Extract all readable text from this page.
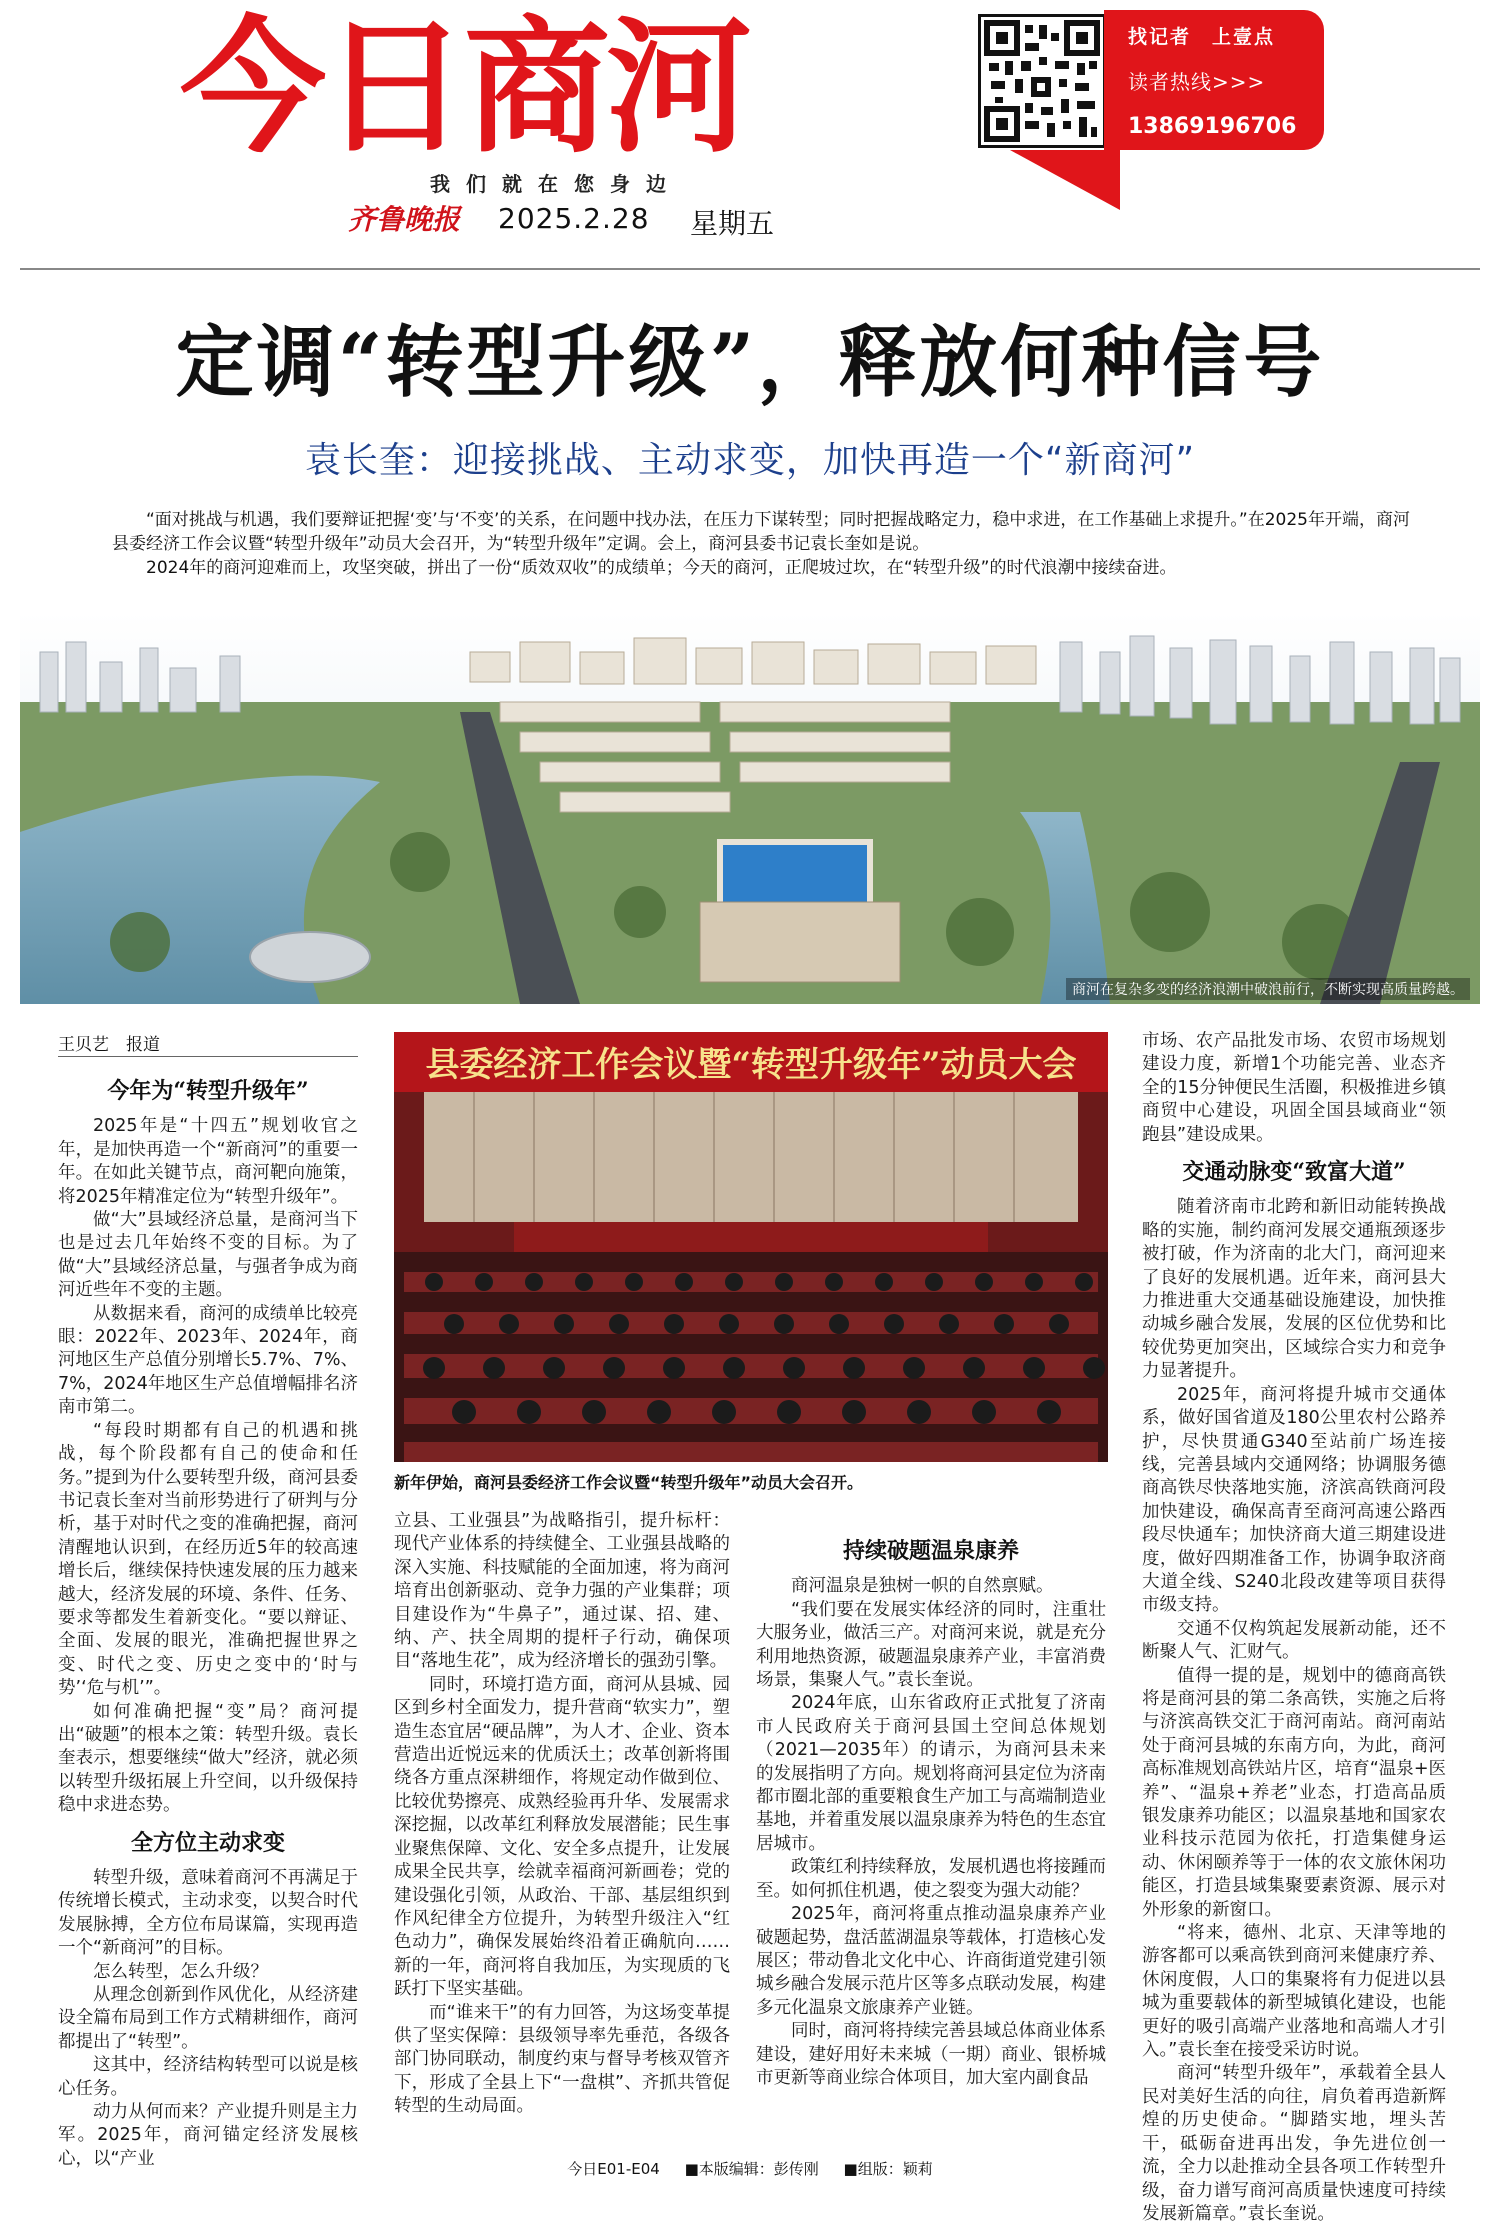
今日商河
我们就在您身边
齐鲁晚报 2025.2.28 星期五
找记者　上壹点
读者热线>>>
13869196706
定调“转型升级”，释放何种信号
袁长奎：迎接挑战、主动求变，加快再造一个“新商河”

“面对挑战与机遇，我们要辩证把握‘变’与‘不变’的关系，在问题中找办法，在压力下谋转型；同时把握战略定力，稳中求进，在工作基础上求提升。”在2025年开端，商河县委经济工作会议暨“转型升级年”动员大会召开，为“转型升级年”定调。会上，商河县委书记袁长奎如是说。

2024年的商河迎难而上，攻坚突破，拼出了一份“质效双收”的成绩单；今天的商河，正爬坡过坎，在“转型升级”的时代浪潮中接续奋进。

商河在复杂多变的经济浪潮中破浪前行，不断实现高质量跨越。
王贝艺　报道	县委经济工作会议暨“转型升级年”动员大会
新年伊始，商河县委经济工作会议暨“转型升级年”动员大会召开。
今年为“转型升级年”

2025年是“十四五”规划收官之年，是加快再造一个“新商河”的重要一年。在如此关键节点，商河靶向施策，将2025年精准定位为“转型升级年”。

做“大”县域经济总量，是商河当下也是过去几年始终不变的目标。为了做“大”县域经济总量，与强者争成为商河近些年不变的主题。

从数据来看，商河的成绩单比较亮眼：2022年、2023年、2024年，商河地区生产总值分别增长5.7%、7%、7%，2024年地区生产总值增幅排名济南市第二。

“每段时期都有自己的机遇和挑战，每个阶段都有自己的使命和任务。”提到为什么要转型升级，商河县委书记袁长奎对当前形势进行了研判与分析，基于对时代之变的准确把握，商河清醒地认识到，在经历近5年的较高速增长后，继续保持快速发展的压力越来越大，经济发展的环境、条件、任务、要求等都发生着新变化。“要以辩证、全面、发展的眼光，准确把握世界之变、时代之变、历史之变中的‘时与势’‘危与机’”。

如何准确把握“变”局？商河提出“破题”的根本之策：转型升级。袁长奎表示，想要继续“做大”经济，就必须以转型升级拓展上升空间，以升级保持稳中求进态势。

全方位主动求变

转型升级，意味着商河不再满足于传统增长模式，主动求变，以契合时代发展脉搏，全方位布局谋篇，实现再造一个“新商河”的目标。

怎么转型，怎么升级？

从理念创新到作风优化，从经济建设全篇布局到工作方式精耕细作，商河都提出了“转型”。

这其中，经济结构转型可以说是核心任务。

动力从何而来？产业提升则是主力军。2025年，商河锚定经济发展核心，以“产业

立县、工业强县”为战略指引，提升标杆：现代产业体系的持续健全、工业强县战略的深入实施、科技赋能的全面加速，将为商河培育出创新驱动、竞争力强的产业集群；项目建设作为“牛鼻子”，通过谋、招、建、纳、产、扶全周期的提杆子行动，确保项目“落地生花”，成为经济增长的强劲引擎。

同时，环境打造方面，商河从县城、园区到乡村全面发力，提升营商“软实力”，塑造生态宜居“硬品牌”，为人才、企业、资本营造出近悦远来的优质沃土；改革创新将围绕各方重点深耕细作，将规定动作做到位、比较优势擦亮、成熟经验再升华、发展需求深挖掘，以改革红利释放发展潜能；民生事业聚焦保障、文化、安全多点提升，让发展成果全民共享，绘就幸福商河新画卷；党的建设强化引领，从政治、干部、基层组织到作风纪律全方位提升，为转型升级注入“红色动力”，确保发展始终沿着正确航向……新的一年，商河将自我加压，为实现质的飞跃打下坚实基础。

而“谁来干”的有力回答，为这场变革提供了坚实保障：县级领导率先垂范，各级各部门协同联动，制度约束与督导考核双管齐下，形成了全县上下“一盘棋”、齐抓共管促转型的生动局面。

持续破题温泉康养

商河温泉是独树一帜的自然禀赋。

“我们要在发展实体经济的同时，注重壮大服务业，做活三产。对商河来说，就是充分利用地热资源，破题温泉康养产业，丰富消费场景，集聚人气。”袁长奎说。

2024年底，山东省政府正式批复了济南市人民政府关于商河县国土空间总体规划（2021—2035年）的请示，为商河县未来的发展指明了方向。规划将商河县定位为济南都市圈北部的重要粮食生产加工与高端制造业基地，并着重发展以温泉康养为特色的生态宜居城市。

政策红利持续释放，发展机遇也将接踵而至。如何抓住机遇，使之裂变为强大动能？

2025年，商河将重点推动温泉康养产业破题起势，盘活蓝湖温泉等载体，打造核心发展区；带动鲁北文化中心、许商街道党建引领城乡融合发展示范片区等多点联动发展，构建多元化温泉文旅康养产业链。

同时，商河将持续完善县域总体商业体系建设，建好用好未来城（一期）商业、银桥城市更新等商业综合体项目，加大室内副食品

市场、农产品批发市场、农贸市场规划建设力度，新增1个功能完善、业态齐全的15分钟便民生活圈，积极推进乡镇商贸中心建设，巩固全国县域商业“领跑县”建设成果。

交通动脉变“致富大道”

随着济南市北跨和新旧动能转换战略的实施，制约商河发展交通瓶颈逐步被打破，作为济南的北大门，商河迎来了良好的发展机遇。近年来，商河县大力推进重大交通基础设施建设，加快推动城乡融合发展，发展的区位优势和比较优势更加突出，区域综合实力和竞争力显著提升。

2025年，商河将提升城市交通体系，做好国省道及180公里农村公路养护，尽快贯通G340至站前广场连接线，完善县域内交通网络；协调服务德商高铁尽快落地实施，济滨高铁商河段加快建设，确保高青至商河高速公路西段尽快通车；加快济商大道三期建设进度，做好四期准备工作，协调争取济商大道全线、S240北段改建等项目获得市级支持。

交通不仅构筑起发展新动能，还不断聚人气、汇财气。

值得一提的是，规划中的德商高铁将是商河县的第二条高铁，实施之后将与济滨高铁交汇于商河南站。商河南站处于商河县城的东南方向，为此，商河高标准规划高铁站片区，培育“温泉+医养”、“温泉+养老”业态，打造高品质银发康养功能区；以温泉基地和国家农业科技示范园为依托，打造集健身运动、休闲颐养等于一体的农文旅休闲功能区，打造县域集聚要素资源、展示对外形象的新窗口。

“将来，德州、北京、天津等地的游客都可以乘高铁到商河来健康疗养、休闲度假，人口的集聚将有力促进以县城为重要载体的新型城镇化建设，也能更好的吸引高端产业落地和高端人才引入。”袁长奎在接受采访时说。

商河“转型升级年”，承载着全县人民对美好生活的向往，肩负着再造新辉煌的历史使命。“脚踏实地，埋头苦干，砥砺奋进再出发，争先进位创一流，全力以赴推动全县各项工作转型升级，奋力谱写商河高质量快速度可持续发展新篇章。”袁长奎说。

今日E01-E04 ■本版编辑：彭传刚 ■组版：颖莉
